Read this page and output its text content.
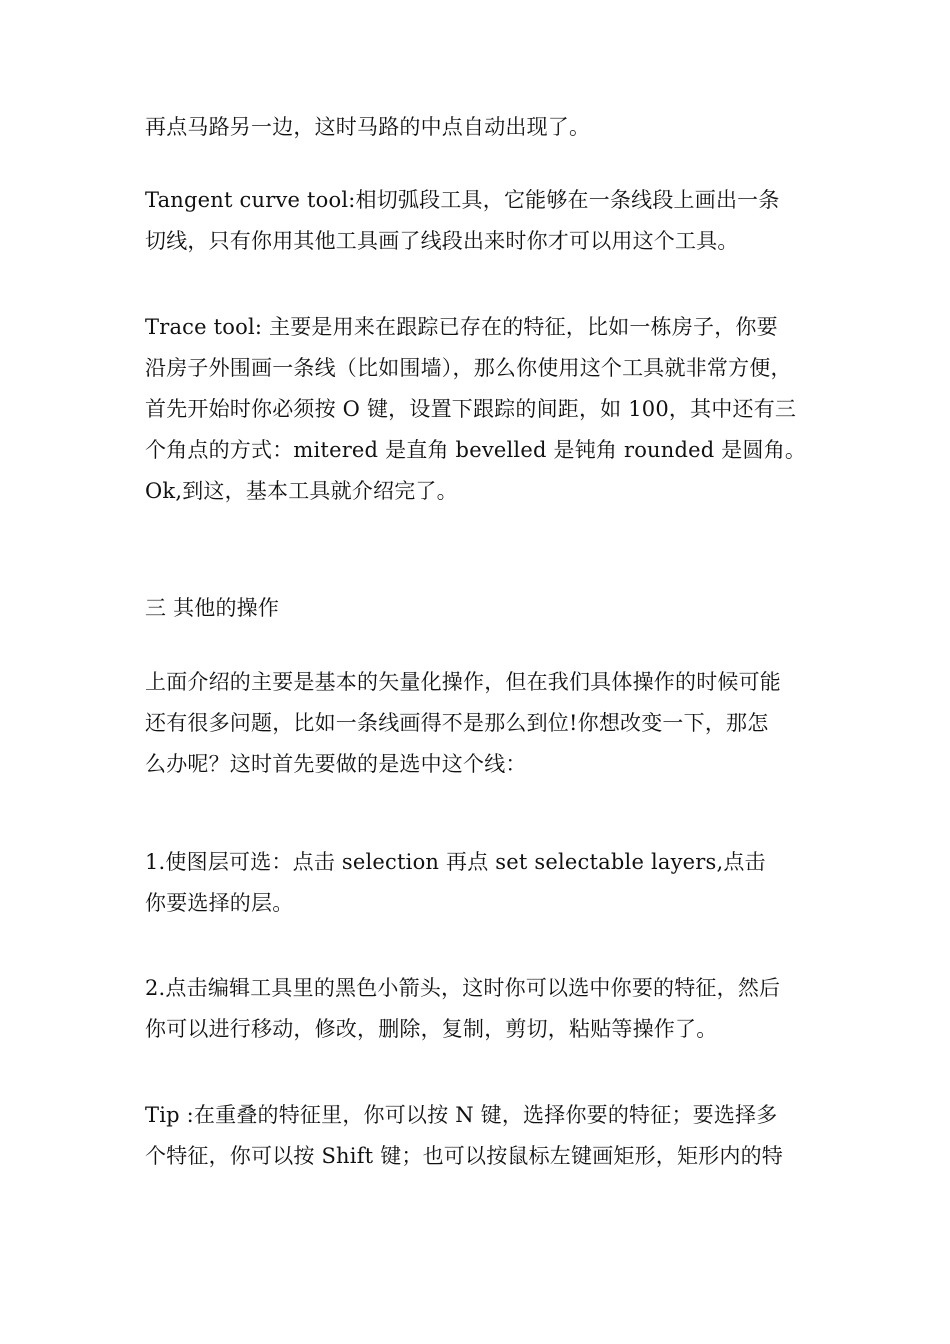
再点马路另一边，这时马路的中点自动出现了。

Tangent curve tool:相切弧段工具，它能够在一条线段上画出一条
切线，只有你用其他工具画了线段出来时你才可以用这个工具。

Trace tool: 主要是用来在跟踪已存在的特征，比如一栋房子，你要
沿房子外围画一条线（比如围墙），那么你使用这个工具就非常方便，
首先开始时你必须按 O 键，设置下跟踪的间距，如 100，其中还有三
个角点的方式：mitered 是直角 bevelled 是钝角 rounded 是圆角。
Ok,到这，基本工具就介绍完了。

三 其他的操作

上面介绍的主要是基本的矢量化操作，但在我们具体操作的时候可能
还有很多问题，比如一条线画得不是那么到位!你想改变一下，那怎
么办呢？这时首先要做的是选中这个线：

1.使图层可选：点击 selection 再点 set selectable layers,点击
你要选择的层。

2.点击编辑工具里的黑色小箭头，这时你可以选中你要的特征，然后
你可以进行移动，修改，删除，复制，剪切，粘贴等操作了。

Tip :在重叠的特征里，你可以按 N 键，选择你要的特征；要选择多
个特征，你可以按 Shift 键；也可以按鼠标左键画矩形，矩形内的特
